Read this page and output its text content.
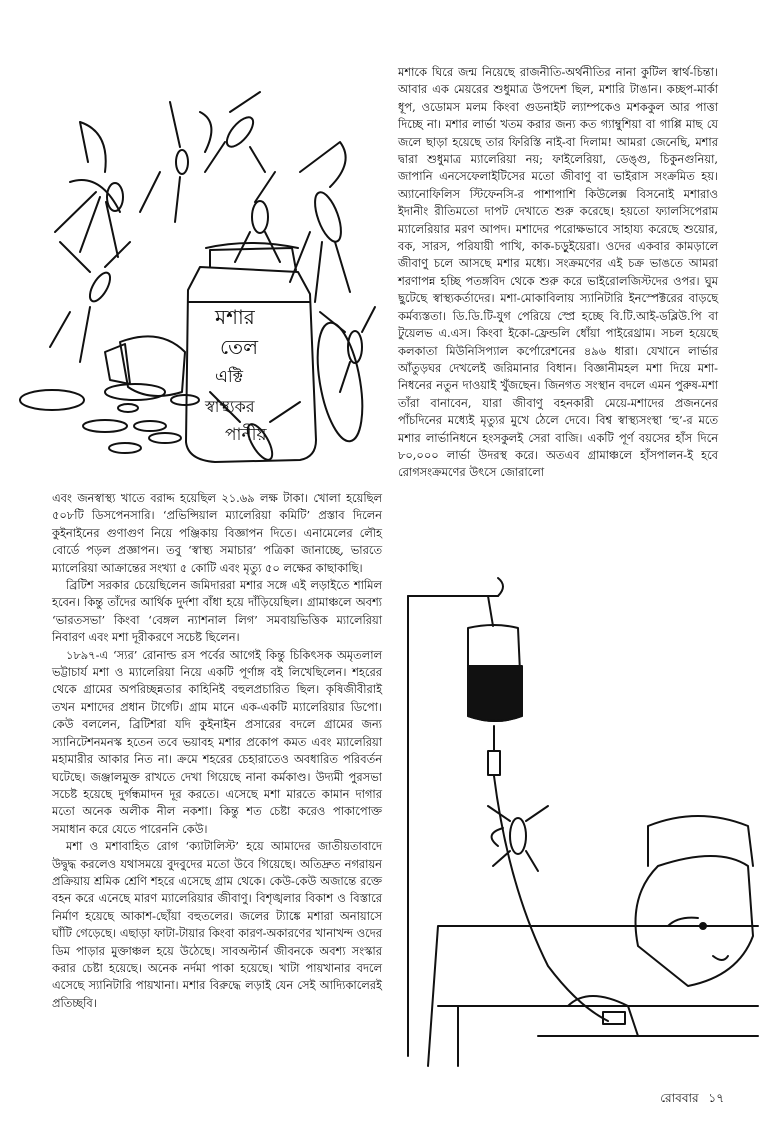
মশার
তেল
এক্টি
স্বাস্থ্যকর
পানীয়

মশাকে ঘিরে জন্ম নিয়েছে রাজনীতি-অর্থনীতির নানা কুটিল স্বার্থ-চিন্তা। আবার এক মেয়রের শুধুমাত্র উপদেশ ছিল, মশারি টাঙান। কচ্ছপ-মার্কা ধূপ, ওডোমস মলম কিংবা গুডনাইট ল্যাম্পকেও মশককুল আর পাত্তা দিচ্ছে না। মশার লার্ভা খতম করার জন্য কত গ্যাম্বুশিয়া বা গাপ্পি মাছ যে জলে ছাড়া হয়েছে তার ফিরিস্তি নাই-বা দিলাম! আমরা জেনেছি, মশার দ্বারা শুধুমাত্র ম্যালেরিয়া নয়; ফাইলেরিয়া, ডেঙ্গু, চিকুনগুনিয়া, জাপানি এনসেফেলাইটিসের মতো জীবাণু বা ভাইরাস সংক্রমিত হয়। অ্যানোফিলিস স্টিফেনসি-র পাশাপাশি কিউলেক্স বিসনোই মশারাও ইদানীং রীতিমতো দাপট দেখাতে শুরু করেছে। হয়তো ফ্যালসিপেরাম ম্যালেরিয়ার মরণ আপদ। মশাদের পরোক্ষভাবে সাহায্য করেছে শুয়োর, বক, সারস, পরিযায়ী পাখি, কাক-চড়ুইয়েরা। ওদের একবার কামড়ালে জীবাণু চলে আসছে মশার মধ্যে। সংক্রমণের এই চক্র ভাঙতে আমরা শরণাপন্ন হচ্ছি পতঙ্গবিদ থেকে শুরু করে ভাইরোলজিস্টদের ওপর। ঘুম ছুটেছে স্বাস্থ্যকর্তাদের। মশা-মোকাবিলায় স্যানিটারি ইনস্পেক্টরের বাড়ছে কর্মব্যস্ততা। ডি.ডি.টি-যুগ পেরিয়ে স্প্রে হচ্ছে বি.টি.আই-ডব্লিউ.পি বা টুয়েলভ এ.এস। কিংবা ইকো-ফ্রেন্ডলি ধোঁয়া পাইরেথ্রাম। সচল হয়েছে কলকাতা মিউনিসিপ্যাল কর্পোরেশনের ৪৯৬ ধারা। যেখানে লার্ভার আঁতুড়ঘর দেখলেই জরিমানার বিধান। বিজ্ঞানীমহল মশা দিয়ে মশা-নিধনের নতুন দাওয়াই খুঁজছেন। জিনগত সংস্থান বদলে এমন পুরুষ-মশা তাঁরা বানাবেন, যারা জীবাণু বহনকারী মেয়ে-মশাদের প্রজননের পাঁচদিনের মধ্যেই মৃত্যুর মুখে ঠেলে দেবে। বিশ্ব স্বাস্থ্যসংস্থা ‘হু’-র মতে মশার লার্ভানিধনে হংসকুলই সেরা বাজি। একটি পূর্ণ বয়সের হাঁস দিনে ৮০,০০০ লার্ভা উদরস্থ করে। অতএব গ্রামাঞ্চলে হাঁসপালন-ই হবে রোগসংক্রমণের উৎসে জোরালো

এবং জনস্বাস্থ্য খাতে বরাদ্দ হয়েছিল ২১.৬৯ লক্ষ টাকা। খোলা হয়েছিল ৫০৮টি ডিসপেনসারি। ‘প্রভিন্সিয়াল ম্যালেরিয়া কমিটি’ প্রস্তাব দিলেন কুইনাইনের গুণাগুণ নিয়ে পঞ্জিকায় বিজ্ঞাপন দিতে। এনামেলের লৌহ বোর্ডে পড়ল প্রজ্ঞাপন। তবু ‘স্বাস্থ্য সমাচার’ পত্রিকা জানাচ্ছে, ভারতে ম্যালেরিয়া আক্রান্তের সংখ্যা ৫ কোটি এবং মৃত্যু ৫০ লক্ষের কাছাকাছি।

ব্রিটিশ সরকার চেয়েছিলেন জমিদাররা মশার সঙ্গে এই লড়াইতে শামিল হবেন। কিন্তু তাঁদের আর্থিক দুর্দশা বাঁধা হয়ে দাঁড়িয়েছিল। গ্রামাঞ্চলে অবশ্য ‘ভারতসভা’ কিংবা ‘বেঙ্গল ন্যাশনাল লিগ’ সমবায়ভিত্তিক ম্যালেরিয়া নিবারণ এবং মশা দূরীকরণে সচেষ্ট ছিলেন।

১৮৯৭-এ ‘স্যর’ রোনাল্ড রস পর্বের আগেই কিন্তু চিকিৎসক অমৃতলাল ভট্টাচার্য মশা ও ম্যালেরিয়া নিয়ে একটি পূর্ণাঙ্গ বই লিখেছিলেন। শহরের থেকে গ্রামের অপরিচ্ছন্নতার কাহিনিই বহুলপ্রচারিত ছিল। কৃষিজীবীরাই তখন মশাদের প্রধান টার্গেট। গ্রাম মানে এক-একটি ম্যালেরিয়ার ডিপো। কেউ বললেন, ব্রিটিশরা যদি কুইনাইন প্রসারের বদলে গ্রামের জন্য স্যানিটেশনমনস্ক হতেন তবে ভয়াবহ মশার প্রকোপ কমত এবং ম্যালেরিয়া মহামারীর আকার নিত না। ক্রমে শহরের চেহারাতেও অবধারিত পরিবর্তন ঘটেছে। জঞ্জালমুক্ত রাখতে দেখা গিয়েছে নানা কর্মকাণ্ড। উদ্যমী পুরসভা সচেষ্ট হয়েছে দুর্গন্ধমাদন দূর করতে। এসেছে মশা মারতে কামান দাগার মতো অনেক অলীক নীল নকশা। কিন্তু শত চেষ্টা করেও পাকাপোক্ত সমাধান করে যেতে পারেননি কেউ।

মশা ও মশাবাহিত রোগ ‘ক্যাটালিস্ট’ হয়ে আমাদের জাতীয়তাবাদে উদ্বুদ্ধ করলেও যথাসময়ে বুদবুদের মতো উবে গিয়েছে। অতিদ্রুত নগরায়ন প্রক্রিয়ায় শ্রমিক শ্রেণি শহরে এসেছে গ্রাম থেকে। কেউ-কেউ অজান্তে রক্তে বহন করে এনেছে মারণ ম্যালেরিয়ার জীবাণু। বিশৃঙ্খলার বিকাশ ও বিস্তারে নির্মাণ হয়েছে আকাশ-ছোঁয়া বহুতলের। জলের ট্যাঙ্কে মশারা অনায়াসে ঘাঁটি গেড়েছে। এছাড়া ফাটা-টায়ার কিংবা কারণ-অকারণের খানাখন্দ ওদের ডিম পাড়ার মুক্তাঞ্চল হয়ে উঠেছে। সাবঅল্টার্ন জীবনকে অবশ্য সংস্কার করার চেষ্টা হয়েছে। অনেক নর্দমা পাকা হয়েছে। খাটা পায়খানার বদলে এসেছে স্যানিটারি পায়খানা। মশার বিরুদ্ধে লড়াই যেন সেই আদ্যিকালেরই প্রতিচ্ছবি।

রোববার ১৭
